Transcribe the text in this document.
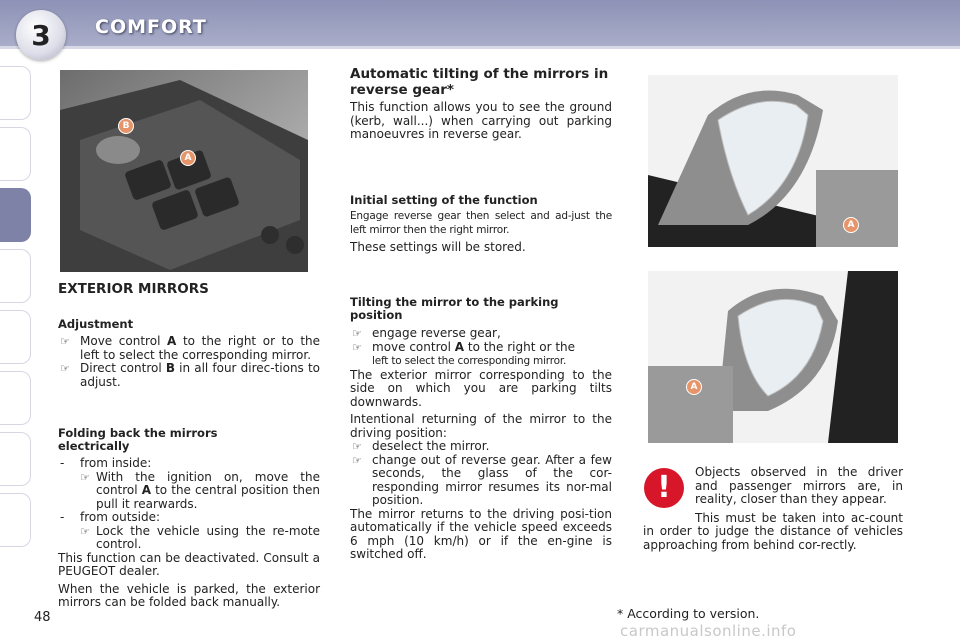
3	COMFORT
B
A
EXTERIOR MIRRORS
Adjustment

☞ Move control A to the right or to the left to select the corresponding mirror.

☞ Direct control B in all four direc-tions to adjust.

Folding back the mirrors electrically

- from inside:

☞ With the ignition on, move the control A to the central position then pull it rearwards.

- from outside:

☞ Lock the vehicle using the re-mote control.

This function can be deactivated. Consult a PEUGEOT dealer.

When the vehicle is parked, the exterior mirrors can be folded back manually.

Automatic tilting of the mirrors in reverse gear*
This function allows you to see the ground (kerb, wall...) when carrying out parking manoeuvres in reverse gear.
Initial setting of the function
Engage reverse gear then select and ad-just the left mirror then the right mirror.
These settings will be stored.
Tilting the mirror to the parking position

☞ engage reverse gear,

☞ move control A to the right or the
left to select the corresponding mirror.

The exterior mirror corresponding to the side on which you are parking tilts downwards.

Intentional returning of the mirror to the driving position:

☞ deselect the mirror.

☞ change out of reverse gear. After a few seconds, the glass of the cor-responding mirror resumes its nor-mal position.

The mirror returns to the driving posi-tion automatically if the vehicle speed exceeds 6 mph (10 km/h) or if the en-gine is switched off.

A
A
!	Objects observed in the driver and passenger mirrors are, in reality, closer than they appear.

This must be taken into ac-count in order to judge the distance of vehicles approaching from behind cor-rectly.

* According to version.
48
carmanualsonline.info
